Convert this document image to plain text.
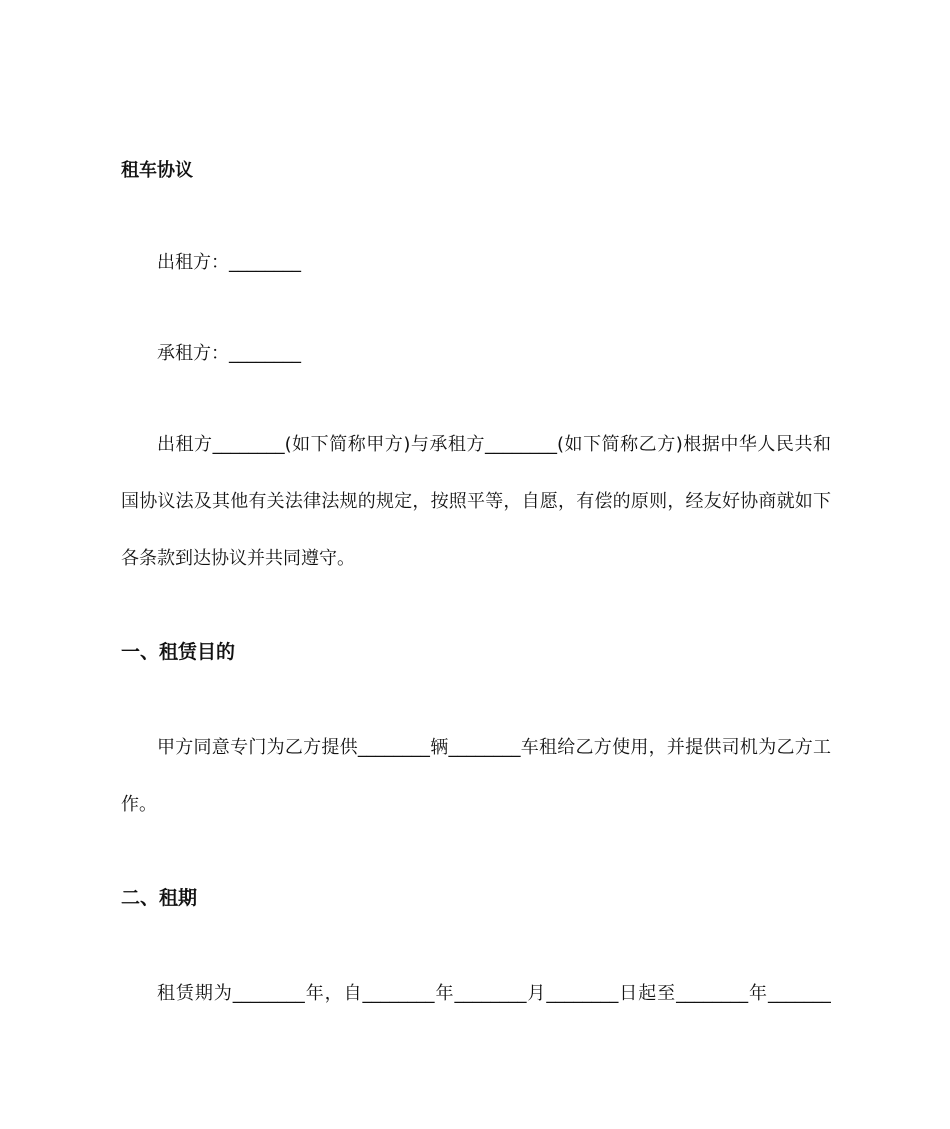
租车协议

出租方：________

承租方：________

出租方________(如下简称甲方)与承租方________(如下简称乙方)根据中华人民共和

国协议法及其他有关法律法规的规定，按照平等，自愿，有偿的原则，经友好协商就如下

各条款到达协议并共同遵守。

一、租赁目的

甲方同意专门为乙方提供________辆________车租给乙方使用，并提供司机为乙方工

作。

二、租期

租赁期为________年，自________年________月________日起至________年_______
